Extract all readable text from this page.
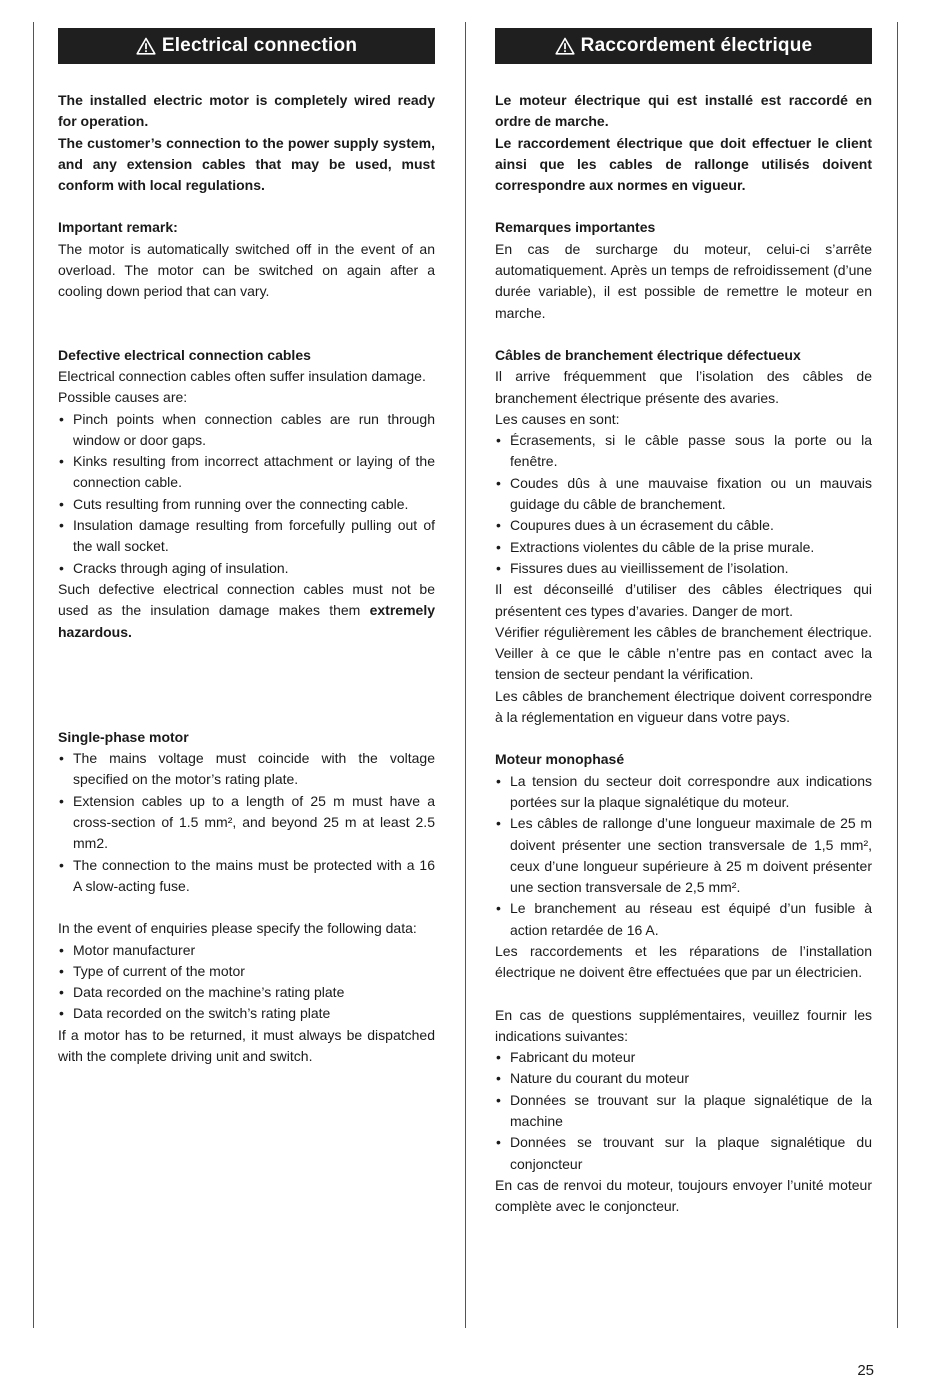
Electrical connection

The installed electric motor is completely wired ready for operation.

The customer’s connection to the power supply system, and any extension cables that may be used, must conform with local regulations.

Important remark:

The motor is automatically switched off in the event of an overload. The motor can be switched on again after a cooling down period that can vary.

Defective electrical connection cables

Electrical connection cables often suffer insulation damage.

Possible causes are:

• Pinch points when connection cables are run through window or door gaps.
• Kinks resulting from incorrect attachment or laying of the connection cable.
• Cuts resulting from running over the connecting cable.
• Insulation damage resulting from forcefully pulling out of the wall socket.
• Cracks through aging of insulation.

Such defective electrical connection cables must not be used as the insulation damage makes them extremely hazardous.

Single-phase motor

• The mains voltage must coincide with the voltage specified on the motor’s rating plate.
• Extension cables up to a length of 25 m must have a cross-section of 1.5 mm², and beyond 25 m at least 2.5 mm2.
• The connection to the mains must be protected with a 16 A slow-acting fuse.

In the event of enquiries please specify the following data:

• Motor manufacturer
• Type of current of the motor
• Data recorded on the machine’s rating plate
• Data recorded on the switch’s rating plate

If a motor has to be returned, it must always be dispatched with the complete driving unit and switch.

Raccordement électrique

Le moteur électrique qui est installé est raccordé en ordre de marche.

Le raccordement électrique que doit effectuer le client ainsi que les cables de rallonge utilisés doivent correspondre aux normes en vigueur.

Remarques importantes

En cas de surcharge du moteur, celui-ci s’arrête automatiquement. Après un temps de refroidissement (d’une durée variable), il est possible de remettre le moteur en marche.

Câbles de branchement électrique défectueux

Il arrive fréquemment que l’isolation des câbles de branchement électrique présente des avaries.

Les causes en sont:

• Écrasements, si le câble passe sous la porte ou la fenêtre.
• Coudes dûs à une mauvaise fixation ou un mauvais guidage du câble de branchement.
• Coupures dues à un écrasement du câble.
• Extractions violentes du câble de la prise murale.
• Fissures dues au vieillissement de l’isolation.

Il est déconseillé d’utiliser des câbles électriques qui présentent ces types d’avaries. Danger de mort.

Vérifier régulièrement les câbles de branchement électrique. Veiller à ce que le câble n’entre pas en contact avec la tension de secteur pendant la vérification.

Les câbles de branchement électrique doivent correspondre à la réglementation en vigueur dans votre pays.

Moteur monophasé

• La tension du secteur doit correspondre aux indications portées sur la plaque signalétique du moteur.
• Les câbles de rallonge d’une longueur maximale de 25 m doivent présenter une section transversale de 1,5 mm², ceux d’une longueur supérieure à 25 m doivent présenter une section transversale de 2,5 mm².
• Le branchement au réseau est équipé d’un fusible à action retardée de 16 A.

Les raccordements et les réparations de l’installation électrique ne doivent être effectuées que par un électricien.

En cas de questions supplémentaires, veuillez fournir les indications suivantes:

• Fabricant du moteur
• Nature du courant du moteur
• Données se trouvant sur la plaque signalétique de la machine
• Données se trouvant sur la plaque signalétique du conjoncteur

En cas de renvoi du moteur, toujours envoyer l’unité moteur complète avec le conjoncteur.

25
